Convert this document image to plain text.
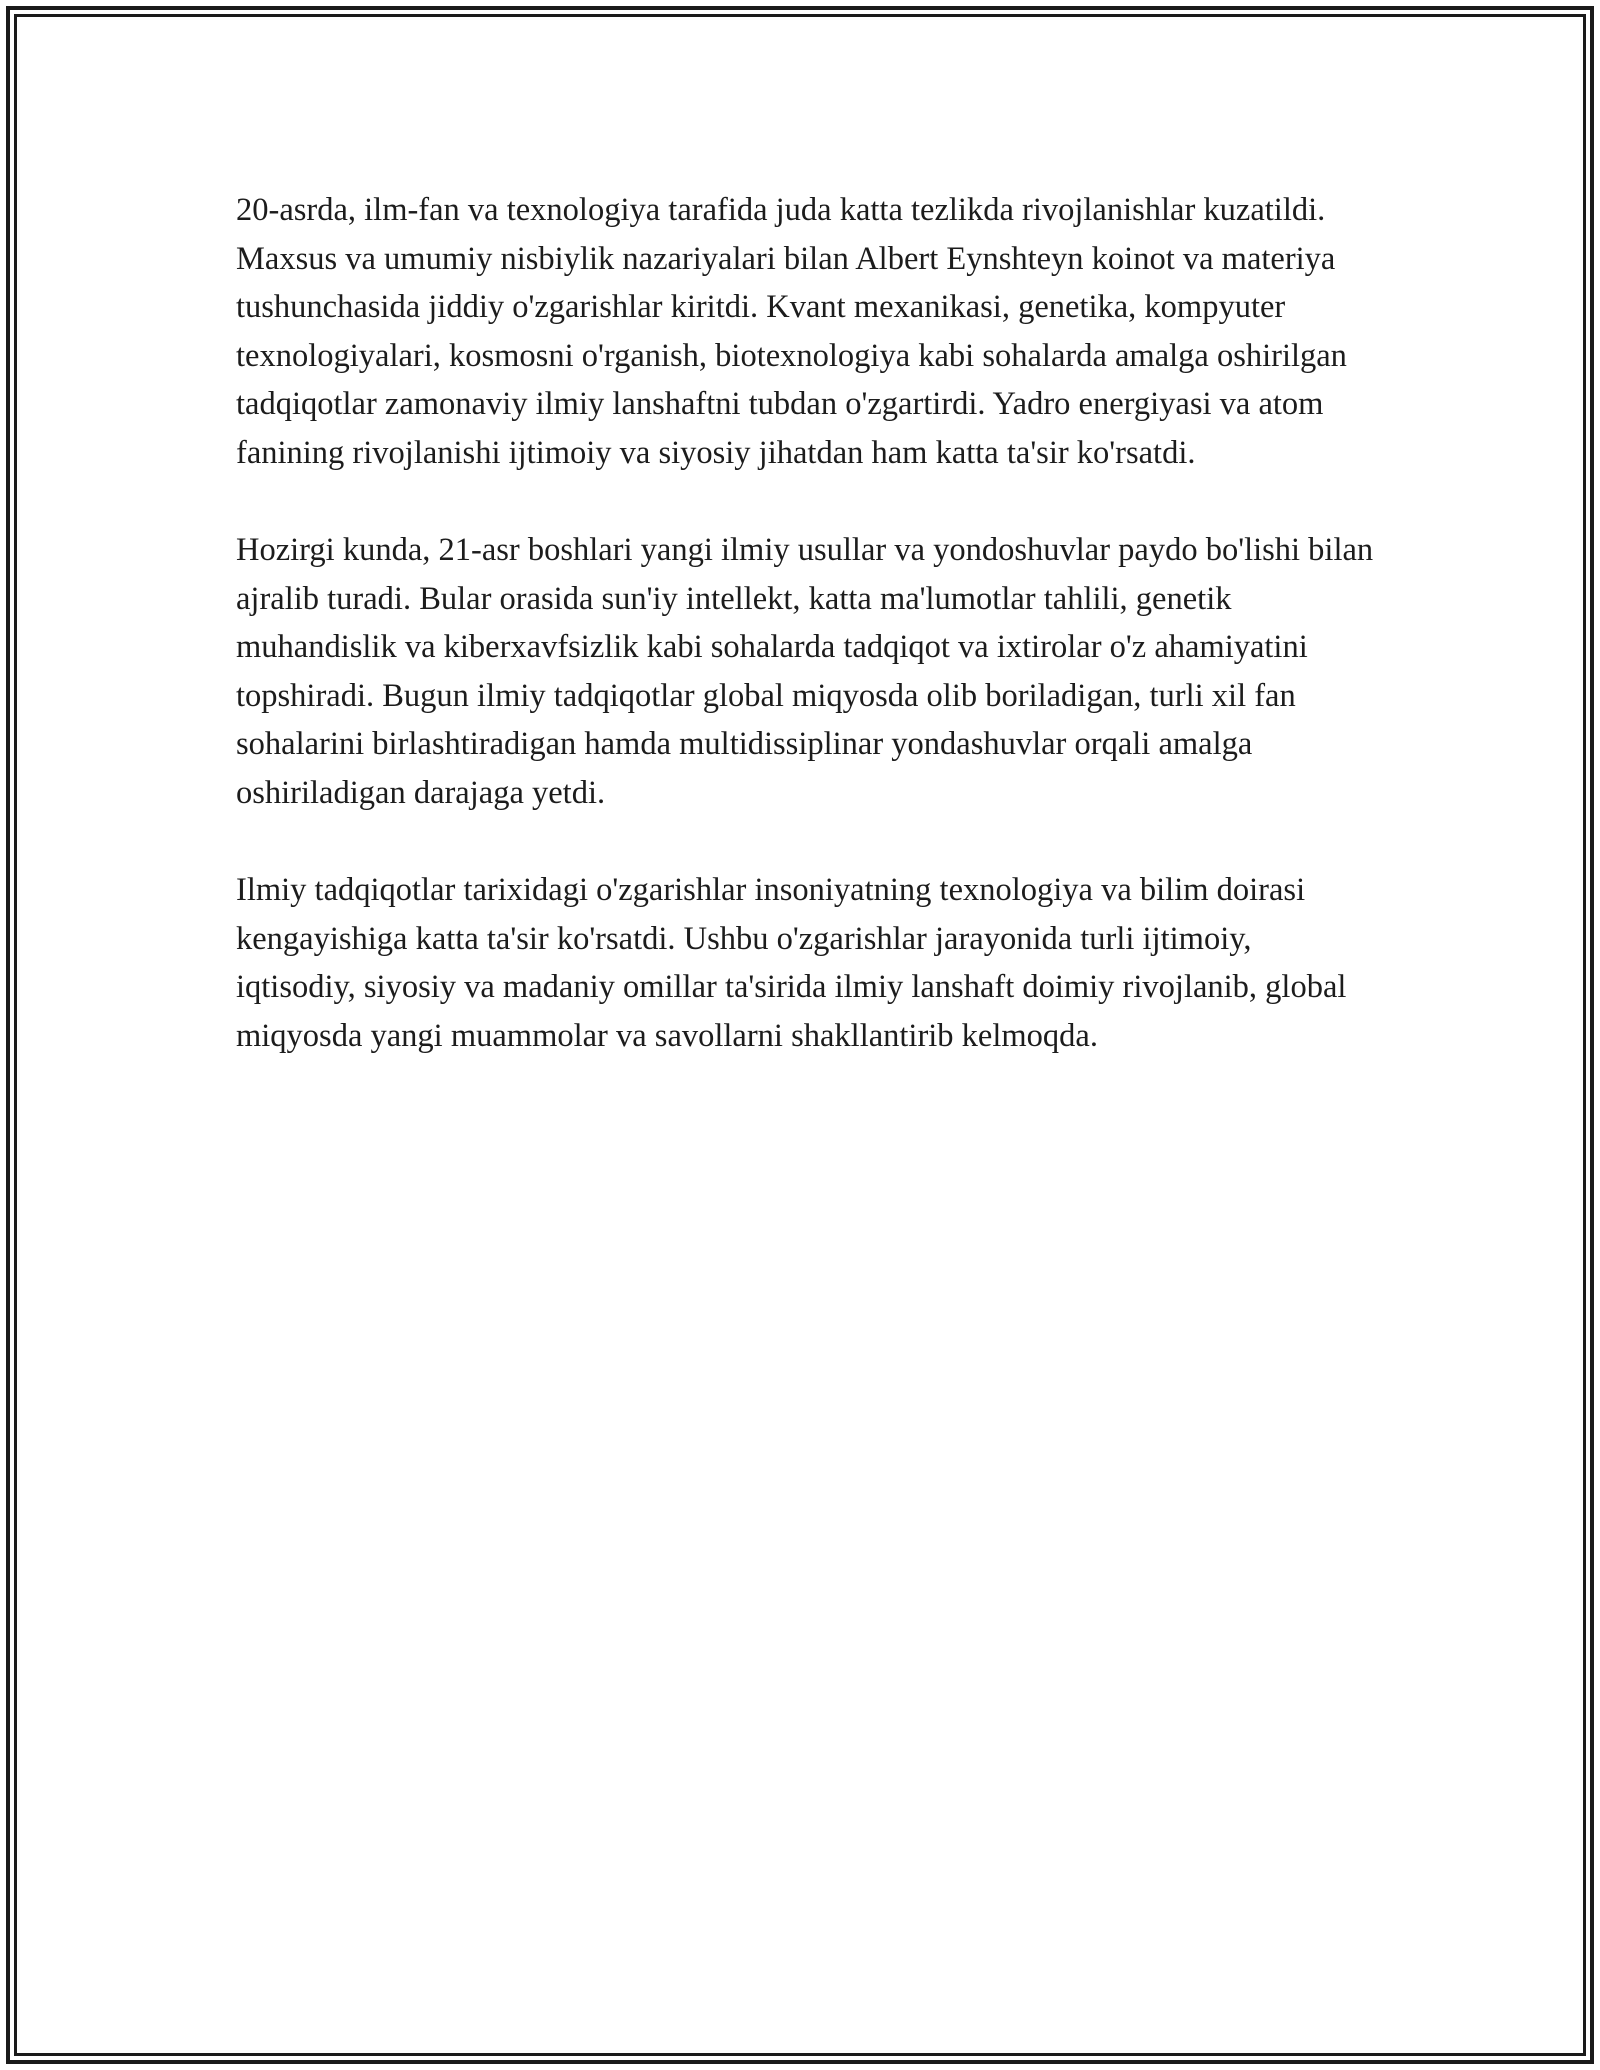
20-asrda, ilm-fan va texnologiya tarafida juda katta tezlikda rivojlanishlar kuzatildi. Maxsus va umumiy nisbiylik nazariyalari bilan Albert Eynshteyn koinot va materiya tushunchasida jiddiy o'zgarishlar kiritdi. Kvant mexanikasi, genetika, kompyuter texnologiyalari, kosmosni o'rganish, biotexnologiya kabi sohalarda amalga oshirilgan tadqiqotlar zamonaviy ilmiy lanshaftni tubdan o'zgartirdi. Yadro energiyasi va atom fanining rivojlanishi ijtimoiy va siyosiy jihatdan ham katta ta'sir ko'rsatdi.

Hozirgi kunda, 21-asr boshlari yangi ilmiy usullar va yondoshuvlar paydo bo'lishi bilan ajralib turadi. Bular orasida sun'iy intellekt, katta ma'lumotlar tahlili, genetik muhandislik va kiberxavfsizlik kabi sohalarda tadqiqot va ixtirolar o'z ahamiyatini topshiradi. Bugun ilmiy tadqiqotlar global miqyosda olib boriladigan, turli xil fan sohalarini birlashtiradigan hamda multidissiplinar yondashuvlar orqali amalga oshiriladigan darajaga yetdi.

Ilmiy tadqiqotlar tarixidagi o'zgarishlar insoniyatning texnologiya va bilim doirasi kengayishiga katta ta'sir ko'rsatdi. Ushbu o'zgarishlar jarayonida turli ijtimoiy, iqtisodiy, siyosiy va madaniy omillar ta'sirida ilmiy lanshaft doimiy rivojlanib, global miqyosda yangi muammolar va savollarni shakllantirib kelmoqda.
